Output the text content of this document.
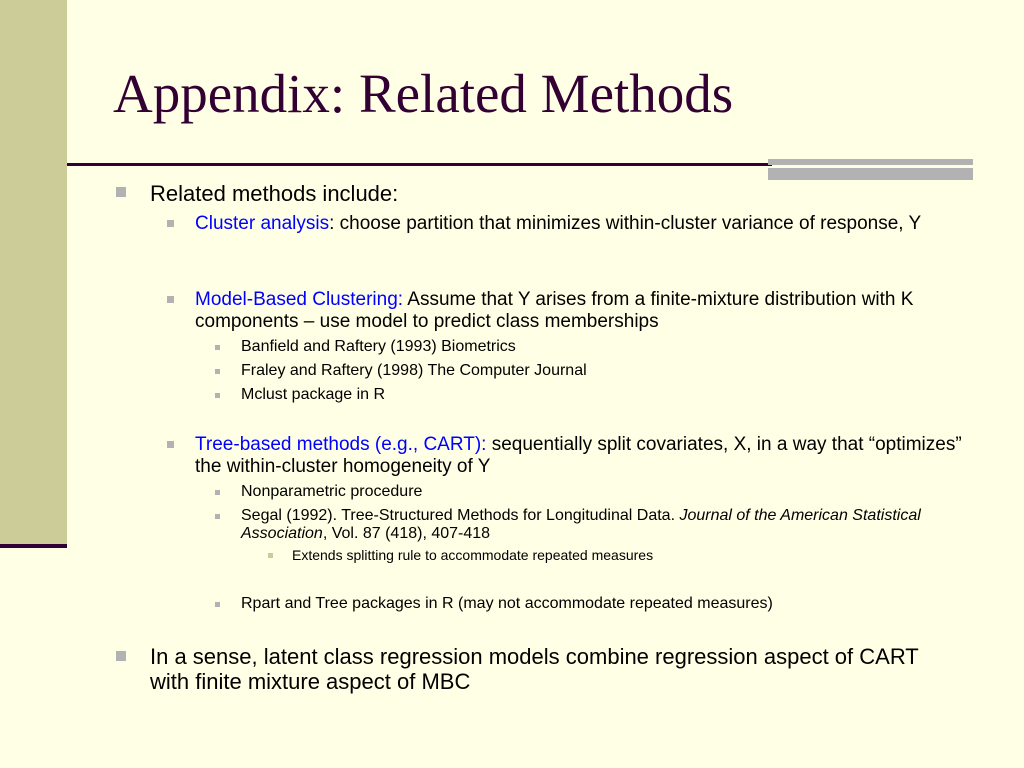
Appendix: Related Methods

Related methods include:

Cluster analysis: choose partition that minimizes within-cluster variance of response, Y

Model-Based Clustering: Assume that Y arises from a finite-mixture distribution with K components – use model to predict class memberships

Banfield and Raftery (1993) Biometrics

Fraley and Raftery (1998) The Computer Journal

Mclust package in R

Tree-based methods (e.g., CART): sequentially split covariates, X, in a way that “optimizes” the within-cluster homogeneity of Y

Nonparametric procedure

Segal (1992). Tree-Structured Methods for Longitudinal Data. Journal of the American Statistical Association, Vol. 87 (418), 407-418

Extends splitting rule to accommodate repeated measures

Rpart and Tree packages in R (may not accommodate repeated measures)

In a sense, latent class regression models combine regression aspect of CART with finite mixture aspect of MBC
